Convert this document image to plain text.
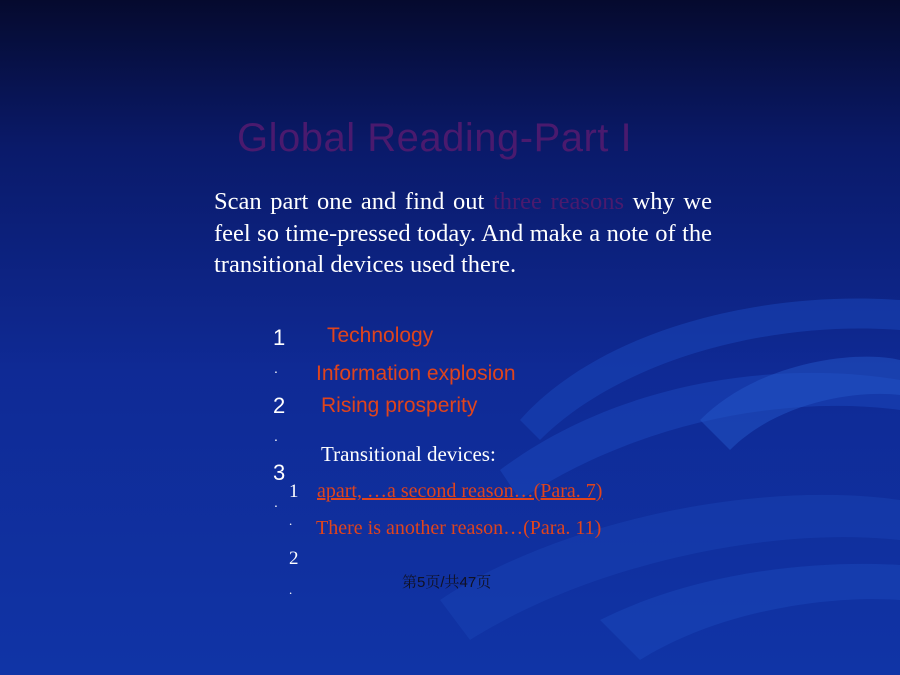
Global Reading-Part I
Scan part one and find out three reasons why we feel so time-pressed today. And make a note of the transitional devices used there.
1
.
2
.
3
.
Technology
Information explosion
Rising prosperity
Transitional devices:
1
.
2
.
apart, …a second reason…(Para. 7)
There is another reason…(Para. 11)
第5页/共47页
